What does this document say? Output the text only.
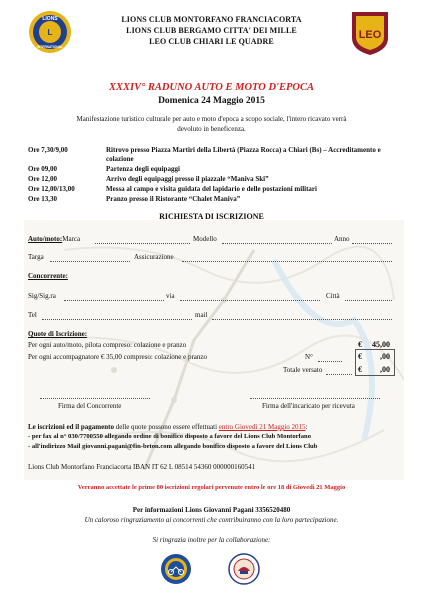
L
LIONS
INTERNATIONAL
LIONS CLUB MONTORFANO FRANCIACORTA
LIONS CLUB BERGAMO CITTA' DEI MILLE
LEO CLUB CHIARI LE QUADRE
LEO
XXXIV° RADUNO AUTO E MOTO D'EPOCA
Domenica 24 Maggio 2015
Manifestazione turistico culturale per auto e moto d'epoca a scopo sociale, l'intero ricavato verrà devoluto in beneficenza.
Ore 7,30/9,00	Ritrovo presso Piazza Martiri della Libertà (Piazza Rocca) a Chiari (Bs) – Accreditamento e colazione
Ore 09,00	Partenza degli equipaggi
Ore 12,00	Arrivo degli equipaggi presso il piazzale “Maniva Ski”
Ore 12,00/13,00	Messa al campo e visita guidata del lapidario e delle postazioni militari
Ore 13,30	Pranzo presso il Ristorante “Chalet Maniva”
RICHIESTA DI ISCRIZIONE
Auto/moto:Marca	Modello	Anno
Targa	Assicurazione
Concorrente:
Sig/Sig.ra	via	Città
Tel	mail
Quote di Iscrizione:
Per ogni auto/moto, pilota compreso: colazione e pranzo	€ 45,00
Per ogni accompagnatore € 35,00 compreso: colazione e pranzo	N°	€ ,00
Totale versato	€ ,00
Firma del Concorrente	Firma dell'incaricato per ricevuta
Le iscrizioni ed il pagamento delle quote possono essere effettuati entro Giovedì 21 Maggio 2015:
- per fax al n° 030/7700550 allegando ordine di bonifico disposto a favore del Lions Club Montorfano
- all'indirizzo Mail giovanni.pagani@fin-beton.com allegando bonifico disposto a favore del Lions Club
Lions Club Montorfano Franciacorta IBAN IT 62 L 08514 54360 000000160541
Verranno accettate le prime 80 iscrizioni regolari pervenute entro le ore 18 di Giovedì 21 Maggio
Per informazioni Lions Giovanni Pagani 3356520480
Un caloroso ringraziamento ai concorrenti che contribuiranno con la loro partecipazione.
Si ringrazia inoltre per la collaborazione:
